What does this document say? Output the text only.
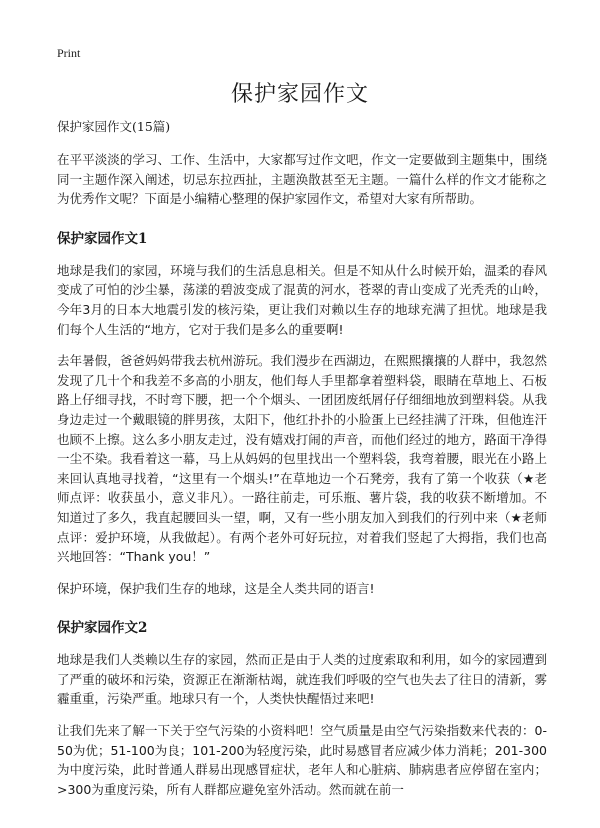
Print
保护家园作文
保护家园作文(15篇)

在平平淡淡的学习、工作、生活中，大家都写过作文吧，作文一定要做到主题集中，围绕同一主题作深入阐述，切忌东拉西扯，主题涣散甚至无主题。一篇什么样的作文才能称之为优秀作文呢？下面是小编精心整理的保护家园作文，希望对大家有所帮助。

保护家园作文1

地球是我们的家园，环境与我们的生活息息相关。但是不知从什么时候开始，温柔的春风变成了可怕的沙尘暴，荡漾的碧波变成了混黄的河水，苍翠的青山变成了光秃秃的山岭，今年3月的日本大地震引发的核污染，更让我们对赖以生存的地球充满了担忧。地球是我们每个人生活的“地方，它对于我们是多么的重要啊!

去年暑假，爸爸妈妈带我去杭州游玩。我们漫步在西湖边，在熙熙攘攘的人群中，我忽然发现了几十个和我差不多高的小朋友，他们每人手里都拿着塑料袋，眼睛在草地上、石板路上仔细寻找，不时弯下腰，把一个个烟头、一团团废纸屑仔仔细细地放到塑料袋。从我身边走过一个戴眼镜的胖男孩，太阳下，他红扑扑的小脸蛋上已经挂满了汗珠，但他连汗也顾不上擦。这么多小朋友走过，没有嬉戏打闹的声音，而他们经过的地方，路面干净得一尘不染。我看着这一幕，马上从妈妈的包里找出一个塑料袋，我弯着腰，眼光在小路上来回认真地寻找着，“这里有一个烟头!”在草地边一个石凳旁，我有了第一个收获（★老师点评：收获虽小，意义非凡）。一路往前走，可乐瓶、薯片袋，我的收获不断增加。不知道过了多久，我直起腰回头一望，啊，又有一些小朋友加入到我们的行列中来（★老师点评：爱护环境，从我做起）。有两个老外可好玩拉，对着我们竖起了大拇指，我们也高兴地回答：“Thank you！”

保护环境，保护我们生存的地球，这是全人类共同的语言!

保护家园作文2

地球是我们人类赖以生存的家园，然而正是由于人类的过度索取和利用，如今的家园遭到了严重的破坏和污染，资源正在渐渐枯竭，就连我们呼吸的空气也失去了往日的清新，雾霾重重，污染严重。地球只有一个，人类快快醒悟过来吧!

让我们先来了解一下关于空气污染的小资料吧！空气质量是由空气污染指数来代表的：0-50为优；51-100为良；101-200为轻度污染，此时易感冒者应减少体力消耗；201-300为中度污染，此时普通人群易出现感冒症状，老年人和心脏病、肺病患者应停留在室内；>300为重度污染，所有人群都应避免室外活动。然而就在前一
